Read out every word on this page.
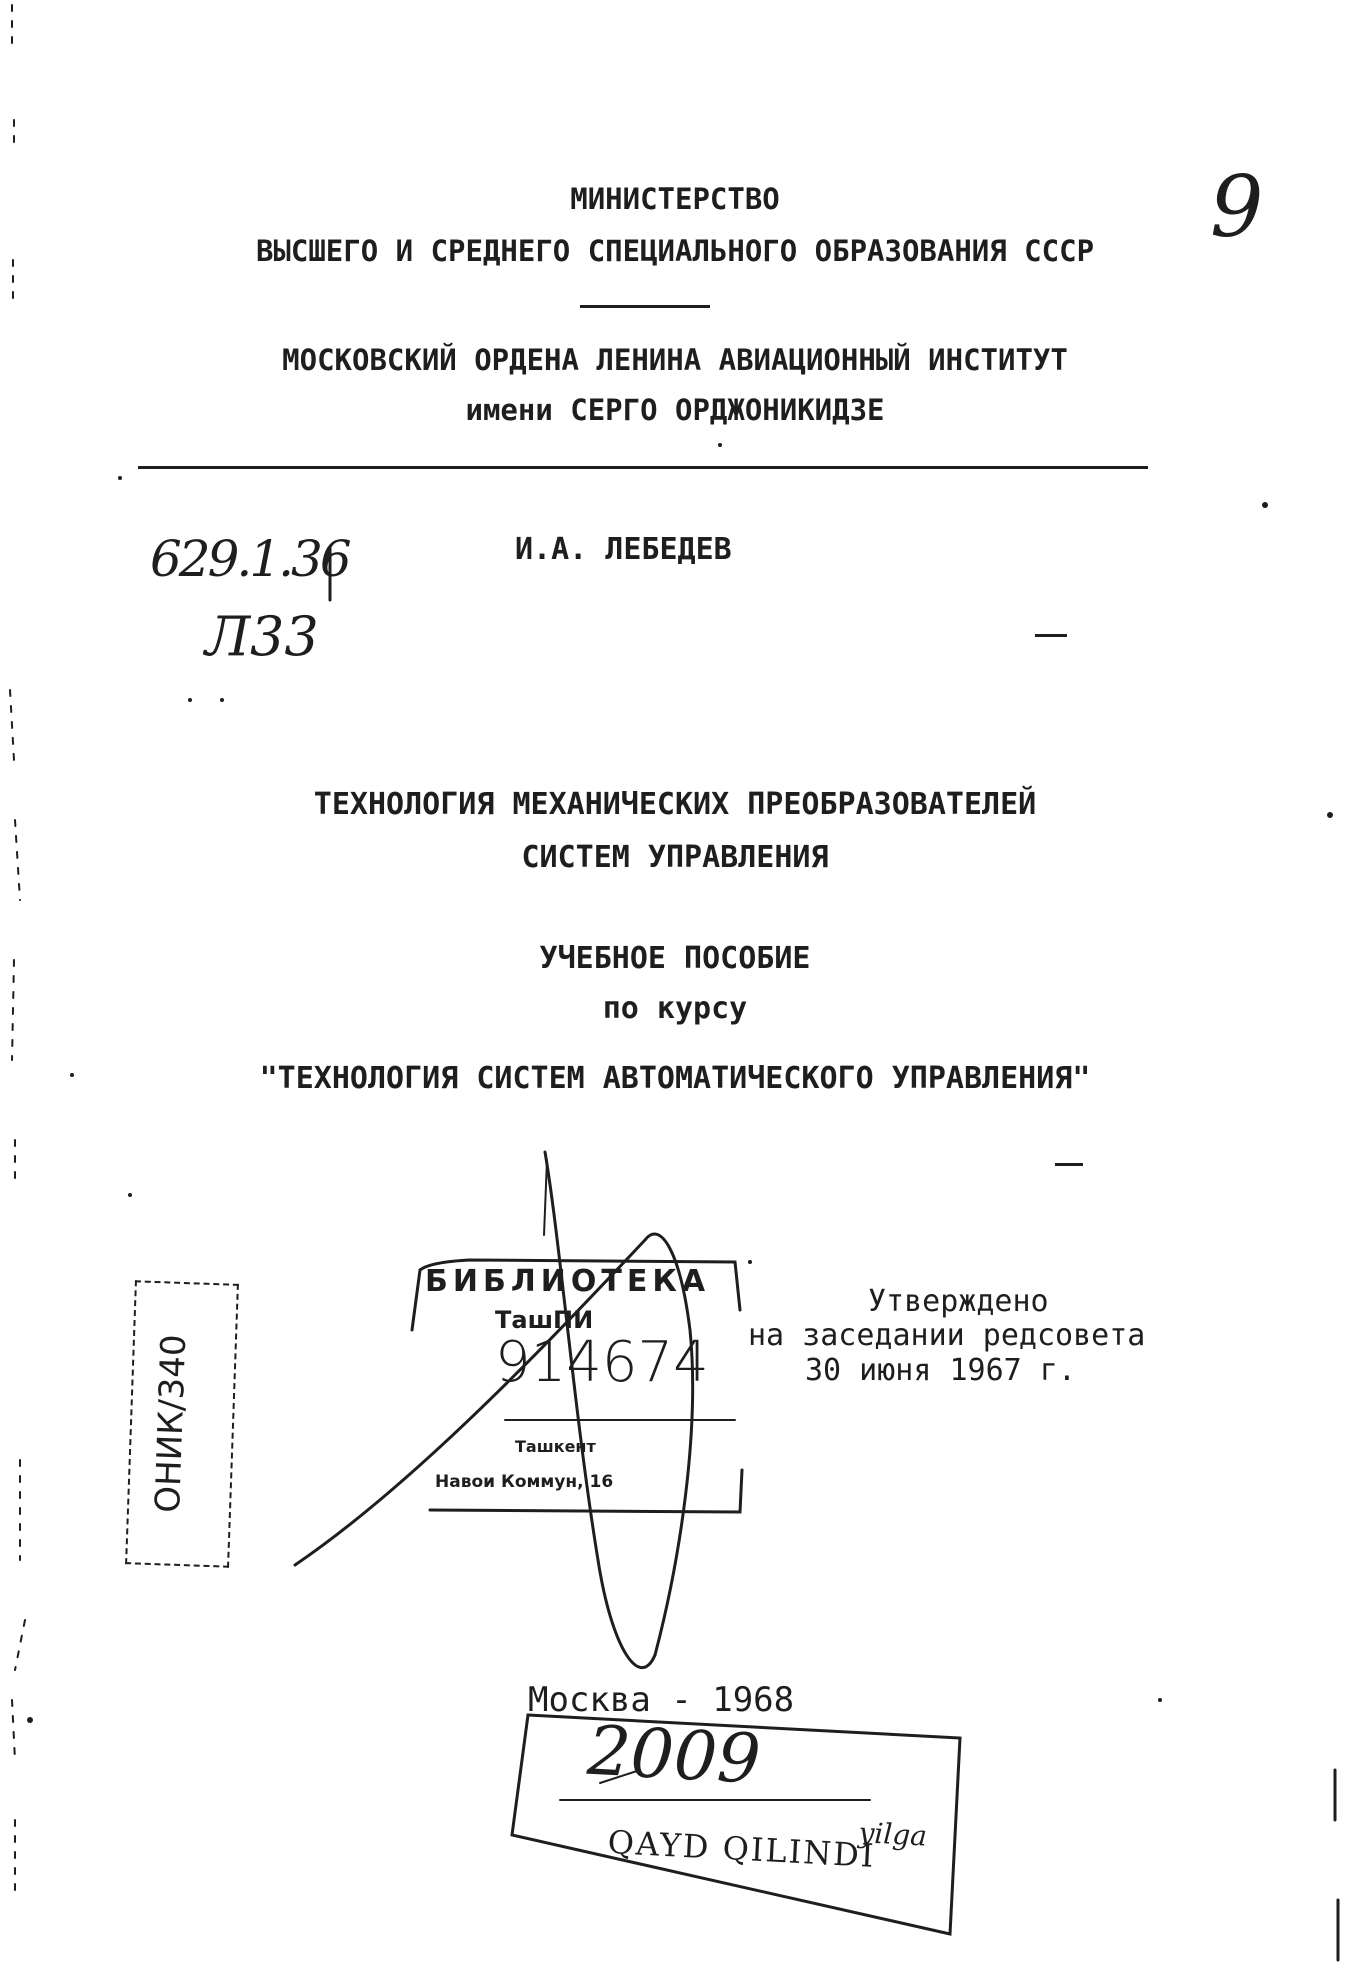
МИНИСТЕРСТВО
ВЫСШЕГО И СРЕДНЕГО СПЕЦИАЛЬНОГО ОБРАЗОВАНИЯ СССР
МОСКОВСКИЙ ОРДЕНА ЛЕНИНА АВИАЦИОННЫЙ ИНСТИТУТ
имени СЕРГО ОРДЖОНИКИДЗЕ
629.1.36
Л33
9
И.А. ЛЕБЕДЕВ
ТЕХНОЛОГИЯ МЕХАНИЧЕСКИХ ПРЕОБРАЗОВАТЕЛЕЙ
СИСТЕМ УПРАВЛЕНИЯ
УЧЕБНОЕ ПОСОБИЕ
по курсу
"ТЕХНОЛОГИЯ СИСТЕМ АВТОМАТИЧЕСКОГО УПРАВЛЕНИЯ"
Утверждено
на заседании редсовета
30 июня 1967 г.
БИБЛИОТЕКА
ТашПИ
914674
Ташкент
Навои Коммун, 16
ОНИК/340
Москва - 1968
2009
yilga
QAYD QILINDI
